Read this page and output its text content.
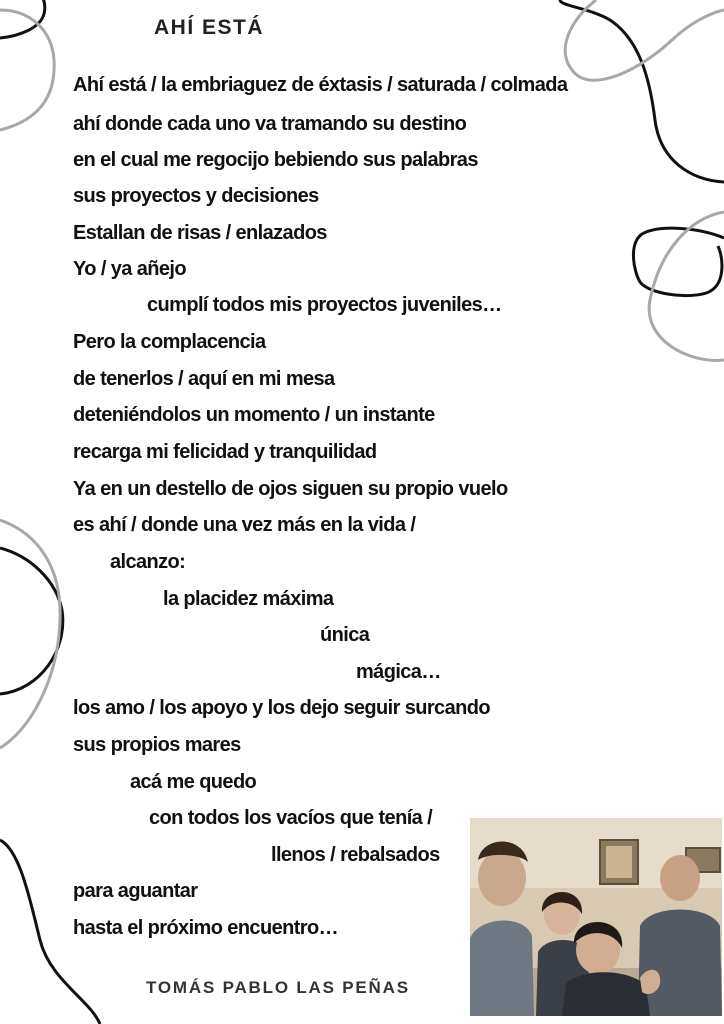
AHÍ ESTÁ
Ahí está / la embriaguez de éxtasis / saturada / colmada
ahí donde cada uno va tramando su destino
en el cual me regocijo bebiendo sus palabras
sus proyectos y decisiones
Estallan de risas / enlazados
Yo / ya añejo
cumplí todos mis proyectos juveniles…
Pero la complacencia
de tenerlos / aquí en mi mesa
deteniéndolos un momento / un instante
recarga mi felicidad y tranquilidad
Ya en un destello de ojos siguen su propio vuelo
es ahí / donde una vez más en la vida /
alcanzo:
la placidez máxima
única
mágica…
los amo / los apoyo y los dejo seguir surcando
sus propios mares
acá me quedo
con todos los vacíos que tenía /
llenos / rebalsados
para aguantar
hasta el próximo encuentro…
TOMÁS PABLO LAS PEÑAS
